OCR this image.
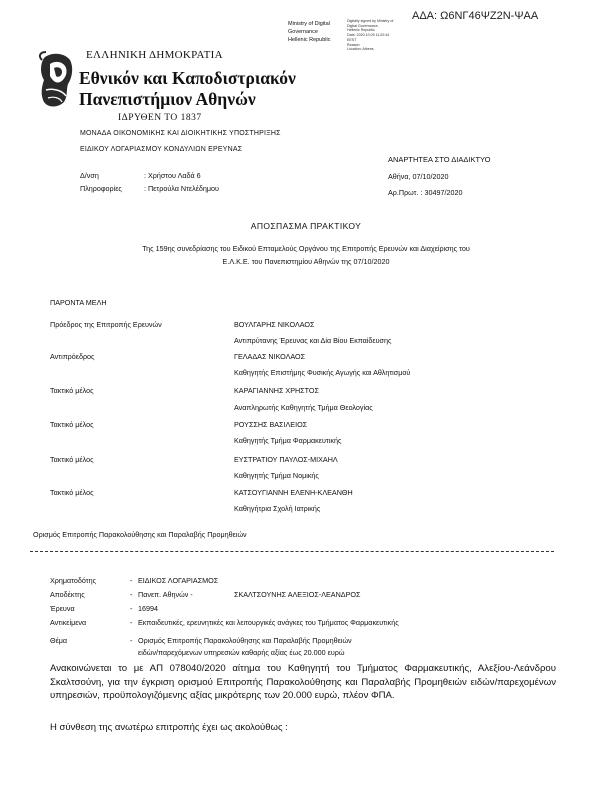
ΑΔΑ: Ω6ΝΓ46ΨΖ2Ν-ΨΑΑ
Ministry of Digital
Governance
Hellenic Republic
Digitally signed by Ministry of
Digital Governance,
Hellenic Republic
Date: 2020.10.09 11:20:44
EEST
Reason:
Location: Athens
ΕΛΛΗΝΙΚΗ ΔΗΜΟΚΡΑΤΙΑ
Εθνικόν και Καποδιστριακόν
Πανεπιστήμιον Αθηνών
ΙΔΡΥΘΕΝ ΤΟ 1837
ΜΟΝΑΔΑ ΟΙΚΟΝΟΜΙΚΗΣ ΚΑΙ ΔΙΟΙΚΗΤΙΚΗΣ ΥΠΟΣΤΗΡΙΞΗΣ
ΕΙΔΙΚΟΥ ΛΟΓΑΡΙΑΣΜΟΥ ΚΟΝΔΥΛΙΩΝ ΕΡΕΥΝΑΣ
ΑΝΑΡΤΗΤΕΑ ΣΤΟ ΔΙΑΔΙΚΤΥΟ
Δ/νση	: Χρήστου Λαδά 6
Πληροφορίες	: Πετρούλα Ντελέδημου
Αθήνα, 07/10/2020
Αρ.Πρωτ. : 30497/2020
ΑΠΟΣΠΑΣΜΑ ΠΡΑΚΤΙΚΟΥ
Της 159ης συνεδρίασης του Ειδικού Επταμελούς Οργάνου της Επιτροπής Ερευνών και Διαχείρισης του
Ε.Λ.Κ.Ε. του Πανεπιστημίου Αθηνών της 07/10/2020
ΠΑΡΟΝΤΑ ΜΕΛΗ
Πρόεδρος της Επιτροπής Ερευνών	ΒΟΥΛΓΑΡΗΣ ΝΙΚΟΛΑΟΣ
Αντιπρύτανης Έρευνας και Δία Βίου Εκπαίδευσης
Αντιπρόεδρος	ΓΕΛΑΔΑΣ ΝΙΚΟΛΑΟΣ
Καθηγητής Επιστήμης Φυσικής Αγωγής και Αθλητισμού
Τακτικό μέλος	ΚΑΡΑΓΙΑΝΝΗΣ ΧΡΗΣΤΟΣ
Αναπληρωτής Καθηγητής Τμήμα Θεολογίας
Τακτικό μέλος	ΡΟΥΣΣΗΣ ΒΑΣΙΛΕΙΟΣ
Καθηγητής Τμήμα Φαρμακευτικής
Τακτικό μέλος	ΕΥΣΤΡΑΤΙΟΥ ΠΑΥΛΟΣ-ΜΙΧΑΗΛ
Καθηγητής Τμήμα Νομικής
Τακτικό μέλος	ΚΑΤΣΟΥΓΙΑΝΝΗ ΕΛΕΝΗ-ΚΛΕΑΝΘΗ
Καθηγήτρια Σχολή Ιατρικής
Ορισμός Επιτροπής Παρακολούθησης και Παραλαβής Προμηθειών
Χρηματοδότης	- ΕΙΔΙΚΟΣ ΛΟΓΑΡΙΑΣΜΟΣ
Αποδέκτης	- Πανεπ. Αθηνών -	ΣΚΑΛΤΣΟΥΝΗΣ ΑΛΕΞΙΟΣ-ΛΕΑΝΔΡΟΣ
Έρευνα	- 16994
Αντικείμενα	- Εκπαιδευτικές, ερευνητικές και λειτουργικές ανάγκες του Τμήματος Φαρμακευτικής
Θέμα	- Ορισμός Επιτροπής Παρακολούθησης και Παραλαβής Προμηθειών
ειδών/παρεχόμενων υπηρεσιών καθαρής αξίας έως 20.000 ευρώ
Ανακοινώνεται το με ΑΠ 078040/2020 αίτημα του Καθηγητή του Τμήματος Φαρμακευτικής, Αλεξίου-Λεάνδρου Σκαλτσούνη, για την έγκριση ορισμού Επιτροπής Παρακολούθησης και Παραλαβής Προμηθειών ειδών/παρεχομένων υπηρεσιών, προϋπολογιζόμενης αξίας μικρότερης των 20.000 ευρώ, πλέον ΦΠΑ.
Η σύνθεση της ανωτέρω επιτροπής έχει ως ακολούθως :
